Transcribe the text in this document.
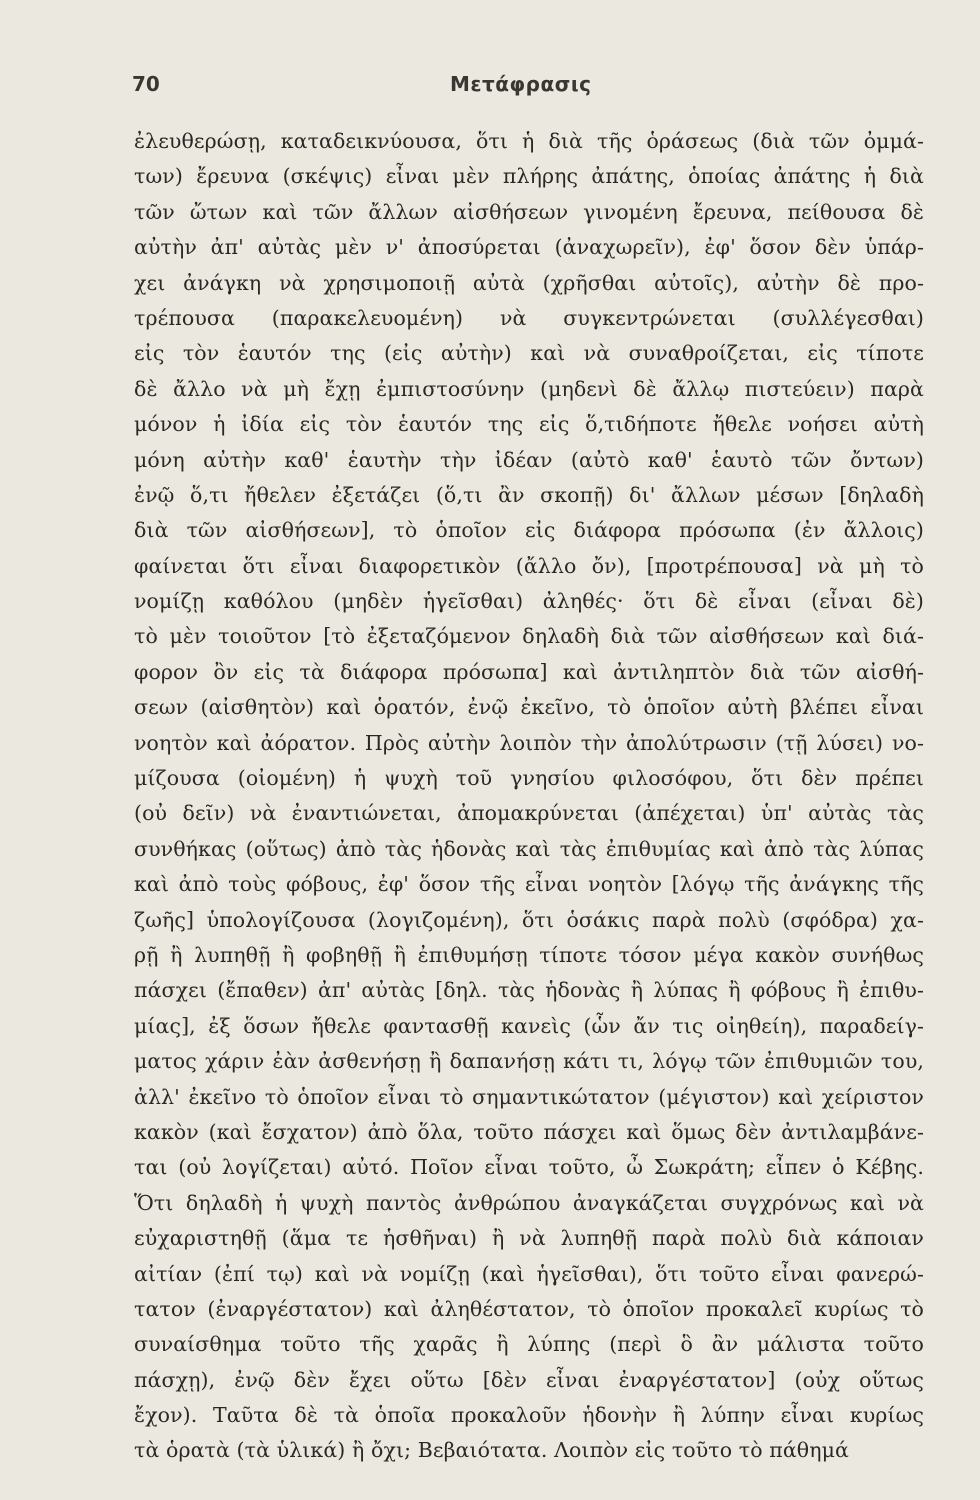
70	Μετάφρασις
ἐλευθερώσῃ, καταδεικνύουσα, ὅτι ἡ διὰ τῆς ὁράσεως (διὰ τῶν ὀμμά-
των) ἔρευνα (σκέψις) εἶναι μὲν πλήρης ἀπάτης, ὁποίας ἀπάτης ἡ διὰ
τῶν ὤτων καὶ τῶν ἄλλων αἰσθήσεων γινομένη ἔρευνα, πείθουσα δὲ
αὐτὴν ἀπ' αὐτὰς μὲν ν' ἀποσύρεται (ἀναχωρεῖν), ἐφ' ὅσον δὲν ὑπάρ-
χει ἀνάγκη νὰ χρησιμοποιῇ αὐτὰ (χρῆσθαι αὐτοῖς), αὐτὴν δὲ προ-
τρέπουσα (παρακελευομένη) νὰ συγκεντρώνεται (συλλέγεσθαι)
εἰς τὸν ἑαυτόν της (εἰς αὐτὴν) καὶ νὰ συναθροίζεται, εἰς τίποτε
δὲ ἄλλο νὰ μὴ ἔχῃ ἐμπιστοσύνην (μηδενὶ δὲ ἄλλῳ πιστεύειν) παρὰ
μόνον ἡ ἰδία εἰς τὸν ἑαυτόν της εἰς ὅ,τιδήποτε ἤθελε νοήσει αὐτὴ
μόνη αὐτὴν καθ' ἑαυτὴν τὴν ἰδέαν (αὐτὸ καθ' ἑαυτὸ τῶν ὄντων)
ἐνῷ ὅ,τι ἤθελεν ἐξετάζει (ὅ,τι ἂν σκοπῇ) δι' ἄλλων μέσων [δηλαδὴ
διὰ τῶν αἰσθήσεων], τὸ ὁποῖον εἰς διάφορα πρόσωπα (ἐν ἄλλοις)
φαίνεται ὅτι εἶναι διαφορετικὸν (ἄλλο ὄν), [προτρέπουσα] νὰ μὴ τὸ
νομίζῃ καθόλου (μηδὲν ἡγεῖσθαι) ἀληθές· ὅτι δὲ εἶναι (εἶναι δὲ)
τὸ μὲν τοιοῦτον [τὸ ἐξεταζόμενον δηλαδὴ διὰ τῶν αἰσθήσεων καὶ διά-
φορον ὂν εἰς τὰ διάφορα πρόσωπα] καὶ ἀντιληπτὸν διὰ τῶν αἰσθή-
σεων (αἰσθητὸν) καὶ ὁρατόν, ἐνῷ ἐκεῖνο, τὸ ὁποῖον αὐτὴ βλέπει εἶναι
νοητὸν καὶ ἀόρατον. Πρὸς αὐτὴν λοιπὸν τὴν ἀπολύτρωσιν (τῇ λύσει) νο-
μίζουσα (οἰομένη) ἡ ψυχὴ τοῦ γνησίου φιλοσόφου, ὅτι δὲν πρέπει
(οὐ δεῖν) νὰ ἐναντιώνεται, ἀπομακρύνεται (ἀπέχεται) ὑπ' αὐτὰς τὰς
συνθήκας (οὕτως) ἀπὸ τὰς ἡδονὰς καὶ τὰς ἐπιθυμίας καὶ ἀπὸ τὰς λύπας
καὶ ἀπὸ τοὺς φόβους, ἐφ' ὅσον τῆς εἶναι νοητὸν [λόγῳ τῆς ἀνάγκης τῆς
ζωῆς] ὑπολογίζουσα (λογιζομένη), ὅτι ὁσάκις παρὰ πολὺ (σφόδρα) χα-
ρῇ ἢ λυπηθῇ ἢ φοβηθῇ ἢ ἐπιθυμήσῃ τίποτε τόσον μέγα κακὸν συνήθως
πάσχει (ἔπαθεν) ἀπ' αὐτὰς [δηλ. τὰς ἡδονὰς ἢ λύπας ἢ φόβους ἢ ἐπιθυ-
μίας], ἐξ ὅσων ἤθελε φαντασθῇ κανεὶς (ὧν ἄν τις οἰηθείη), παραδείγ-
ματος χάριν ἐὰν ἀσθενήσῃ ἢ δαπανήσῃ κάτι τι, λόγῳ τῶν ἐπιθυμιῶν του,
ἀλλ' ἐκεῖνο τὸ ὁποῖον εἶναι τὸ σημαντικώτατον (μέγιστον) καὶ χείριστον
κακὸν (καὶ ἔσχατον) ἀπὸ ὅλα, τοῦτο πάσχει καὶ ὅμως δὲν ἀντιλαμβάνε-
ται (οὐ λογίζεται) αὐτό. Ποῖον εἶναι τοῦτο, ὦ Σωκράτη; εἶπεν ὁ Κέβης.
Ὅτι δηλαδὴ ἡ ψυχὴ παντὸς ἀνθρώπου ἀναγκάζεται συγχρόνως καὶ νὰ
εὐχαριστηθῇ (ἅμα τε ἡσθῆναι) ἢ νὰ λυπηθῇ παρὰ πολὺ διὰ κάποιαν
αἰτίαν (ἐπί τῳ) καὶ νὰ νομίζῃ (καὶ ἡγεῖσθαι), ὅτι τοῦτο εἶναι φανερώ-
τατον (ἐναργέστατον) καὶ ἀληθέστατον, τὸ ὁποῖον προκαλεῖ κυρίως τὸ
συναίσθημα τοῦτο τῆς χαρᾶς ἢ λύπης (περὶ ὃ ἂν μάλιστα τοῦτο
πάσχῃ), ἐνῷ δὲν ἔχει οὕτω [δὲν εἶναι ἐναργέστατον] (οὐχ οὕτως
ἔχον). Ταῦτα δὲ τὰ ὁποῖα προκαλοῦν ἡδονὴν ἢ λύπην εἶναι κυρίως
τὰ ὁρατὰ (τὰ ὑλικά) ἢ ὄχι; Βεβαιότατα. Λοιπὸν εἰς τοῦτο τὸ πάθημά
